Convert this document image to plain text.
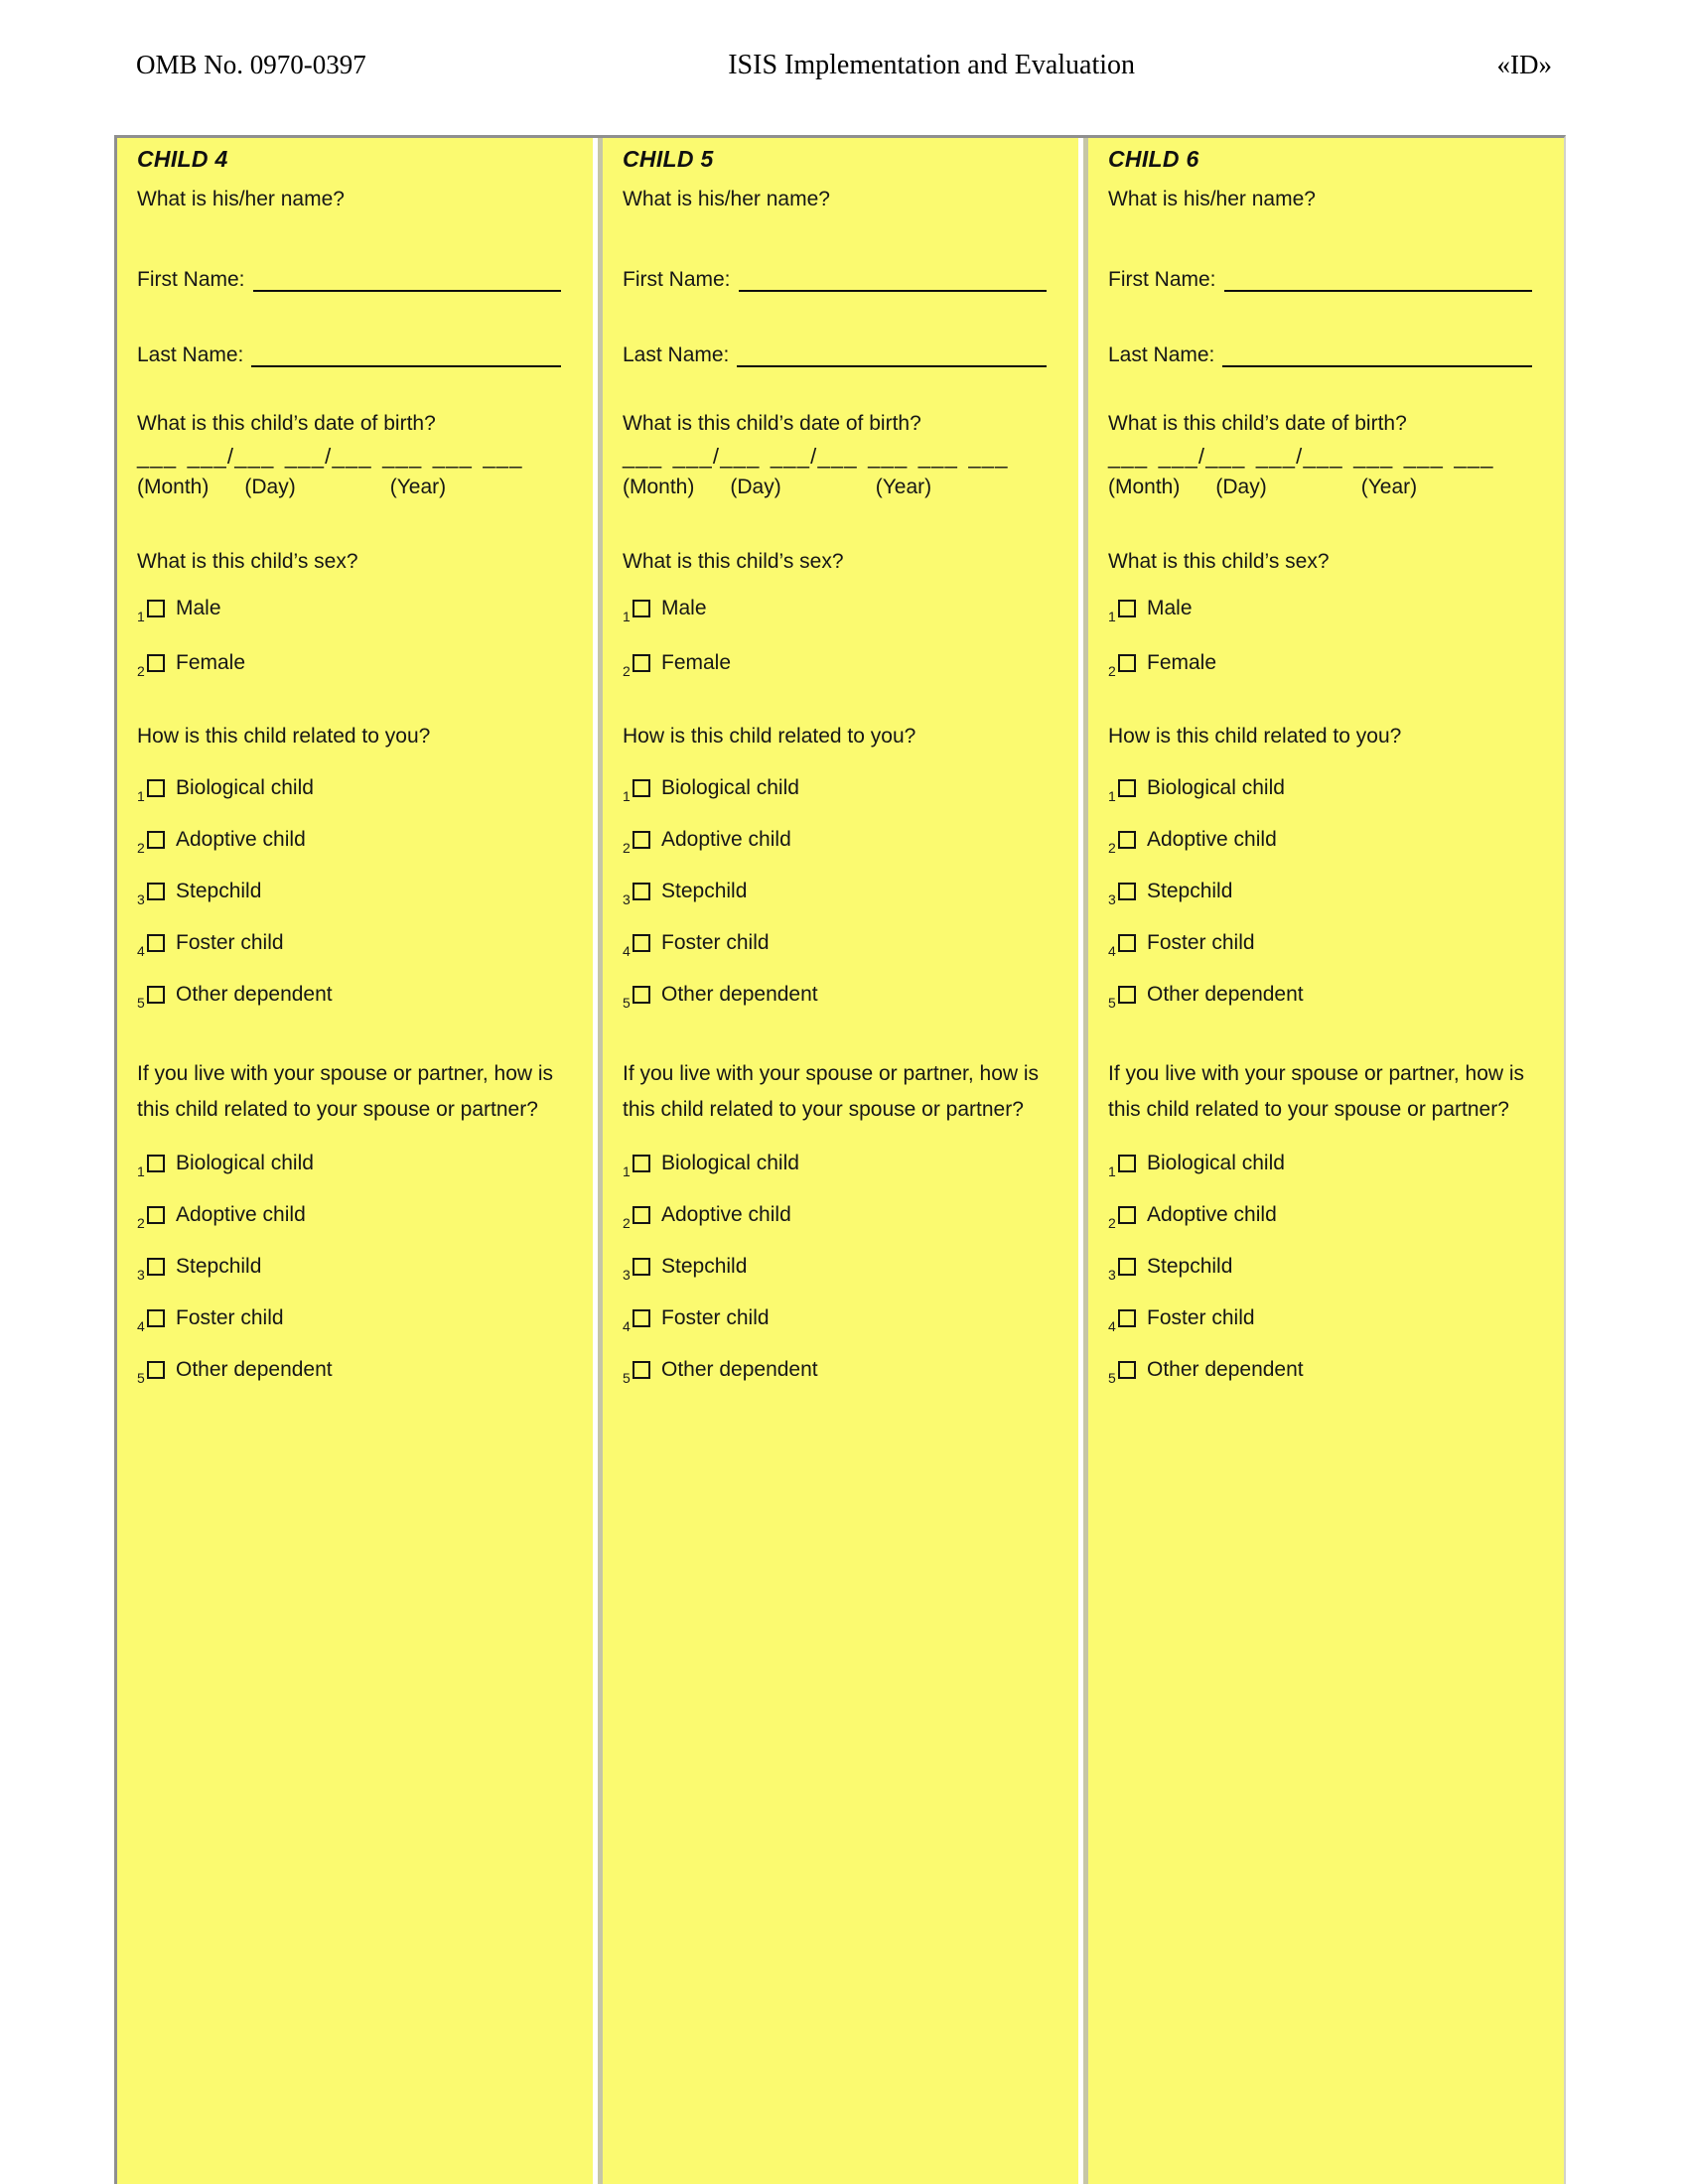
OMB No. 0970-0397	ISIS Implementation and Evaluation	«ID»
CHILD 4

What is his/her name?

First Name:
Last Name:

What is this child’s date of birth?

___ ___/___ ___/___ ___ ___ ___
(Month) (Day)	(Year)

What is this child’s sex?

1 Male
2 Female

How is this child related to you?

1 Biological child
2 Adoptive child
3 Stepchild
4 Foster child
5 Other dependent

If you live with your spouse or partner, how is this child related to your spouse or partner?

1 Biological child
2 Adoptive child
3 Stepchild
4 Foster child
5 Other dependent
CHILD 5

What is his/her name?

First Name:
Last Name:

What is this child’s date of birth?

___ ___/___ ___/___ ___ ___ ___
(Month) (Day)	(Year)

What is this child’s sex?

1 Male
2 Female

How is this child related to you?

1 Biological child
2 Adoptive child
3 Stepchild
4 Foster child
5 Other dependent

If you live with your spouse or partner, how is this child related to your spouse or partner?

1 Biological child
2 Adoptive child
3 Stepchild
4 Foster child
5 Other dependent
CHILD 6

What is his/her name?

First Name:
Last Name:

What is this child’s date of birth?

___ ___/___ ___/___ ___ ___ ___
(Month) (Day)	(Year)

What is this child’s sex?

1 Male
2 Female

How is this child related to you?

1 Biological child
2 Adoptive child
3 Stepchild
4 Foster child
5 Other dependent

If you live with your spouse or partner, how is this child related to your spouse or partner?

1 Biological child
2 Adoptive child
3 Stepchild
4 Foster child
5 Other dependent
